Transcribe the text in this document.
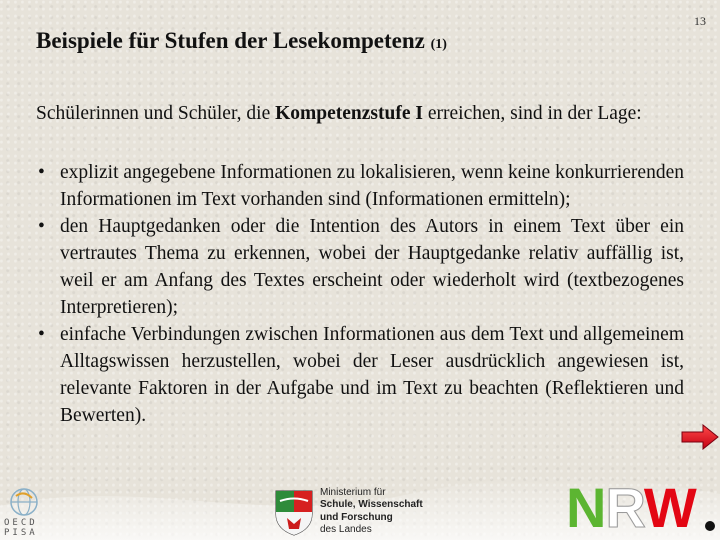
13
Beispiele für Stufen der Lesekompetenz (1)

Schülerinnen und Schüler, die Kompetenzstufe I erreichen, sind in der Lage:

• explizit angegebene Informationen zu lokalisieren, wenn keine konkurrierenden Informationen im Text vorhanden sind (Informationen ermitteln);
• den Hauptgedanken oder die Intention des Autors in einem Text über ein vertrautes Thema zu erkennen, wobei der Hauptgedanke relativ auffällig ist, weil er am Anfang des Textes erscheint oder wiederholt wird (textbezogenes Interpretieren);
• einfache Verbindungen zwischen Informationen aus dem Text und allgemeinem Alltagswissen herzustellen, wobei der Leser ausdrücklich angewiesen ist, relevante Faktoren in der Aufgabe und im Text zu beachten (Reflektieren und Bewerten).
OECD PISA
Ministerium für
Schule, Wissenschaft
und Forschung
des Landes	NRW
